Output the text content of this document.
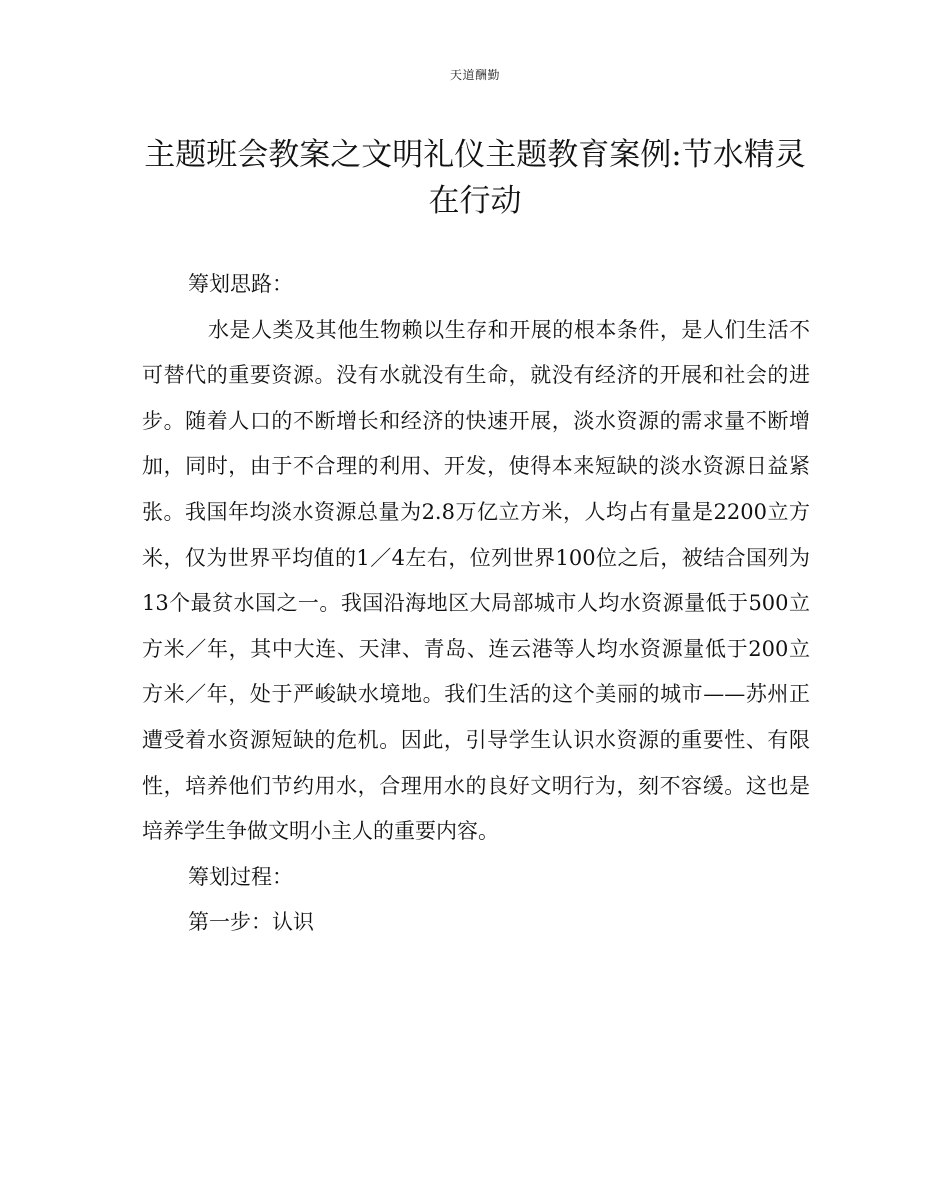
天道酬勤
主题班会教案之文明礼仪主题教育案例:节水精灵在行动

筹划思路：

水是人类及其他生物赖以生存和开展的根本条件，是人们生活不可替代的重要资源。没有水就没有生命，就没有经济的开展和社会的进步。随着人口的不断增长和经济的快速开展，淡水资源的需求量不断增加，同时，由于不合理的利用、开发，使得本来短缺的淡水资源日益紧张。我国年均淡水资源总量为2.8万亿立方米，人均占有量是2200立方米，仅为世界平均值的1／4左右，位列世界100位之后，被结合国列为13个最贫水国之一。我国沿海地区大局部城市人均水资源量低于500立方米／年，其中大连、天津、青岛、连云港等人均水资源量低于200立方米／年，处于严峻缺水境地。我们生活的这个美丽的城市——苏州正遭受着水资源短缺的危机。因此，引导学生认识水资源的重要性、有限性，培养他们节约用水，合理用水的良好文明行为，刻不容缓。这也是培养学生争做文明小主人的重要内容。

筹划过程：

第一步：认识
